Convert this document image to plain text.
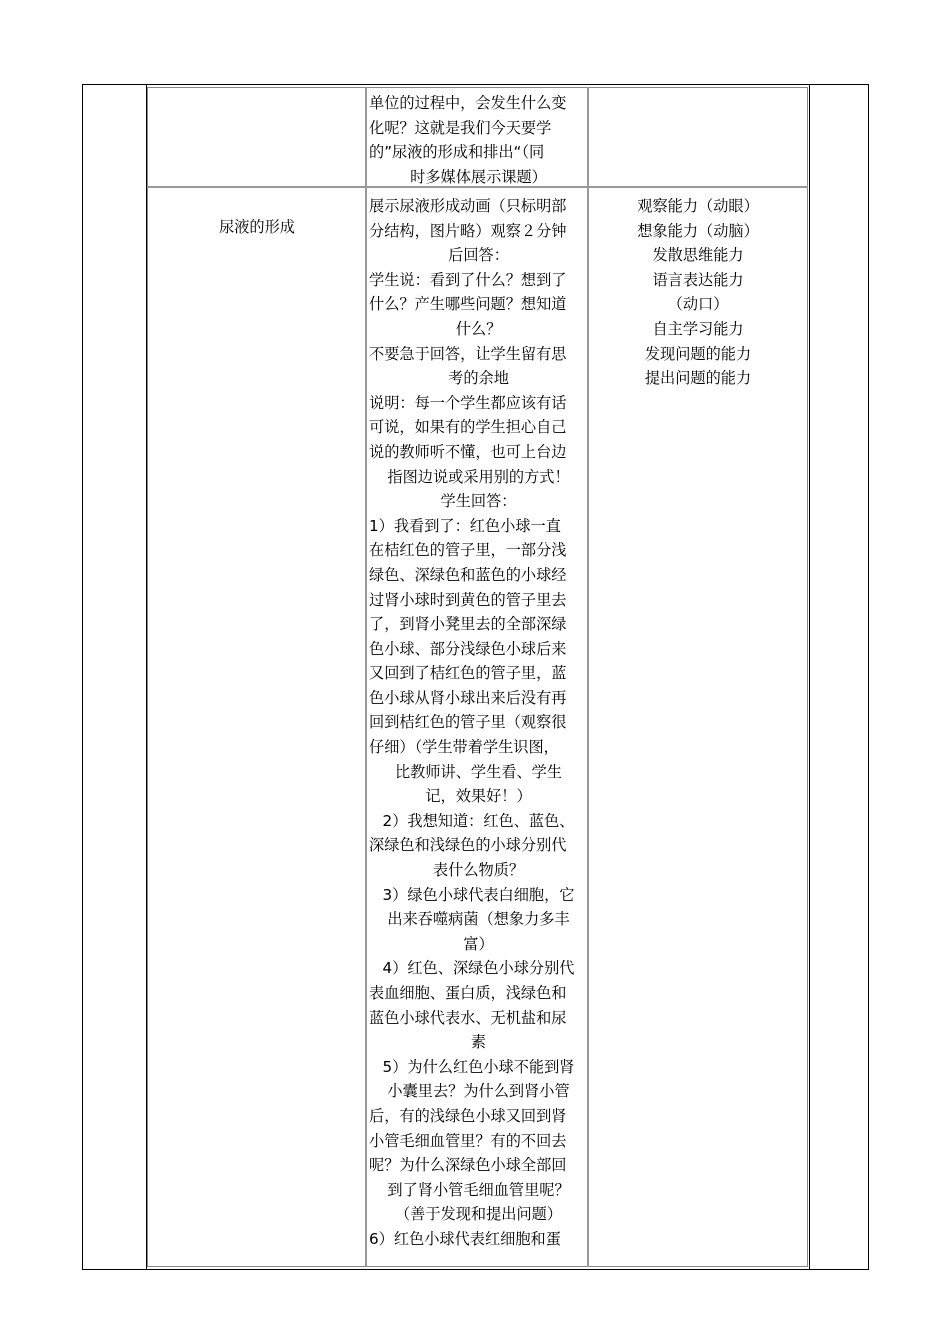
单位的过程中，会发生什么变
化呢？这就是我们今天要学
的”尿液的形成和排出“（同
时多媒体展示课题）
尿液的形成
展示尿液形成动画（只标明部
分结构，图片略）观察２分钟
后回答：
学生说：看到了什么？想到了
什么？产生哪些问题？想知道
什么？
不要急于回答，让学生留有思
考的余地
说明：每一个学生都应该有话
可说，如果有的学生担心自己
说的教师听不懂，也可上台边
指图边说或采用别的方式！
学生回答：
1）我看到了：红色小球一直
在桔红色的管子里，一部分浅
绿色、深绿色和蓝色的小球经
过肾小球时到黄色的管子里去
了，到肾小凳里去的全部深绿
色小球、部分浅绿色小球后来
又回到了桔红色的管子里，蓝
色小球从肾小球出来后没有再
回到桔红色的管子里（观察很
仔细）（学生带着学生识图，
比教师讲、学生看、学生
记，效果好！）
2）我想知道：红色、蓝色、
深绿色和浅绿色的小球分别代
表什么物质？
3）绿色小球代表白细胞，它
出来吞噬病菌（想象力多丰
富）
4）红色、深绿色小球分别代
表血细胞、蛋白质，浅绿色和
蓝色小球代表水、无机盐和尿
素
5）为什么红色小球不能到肾
小囊里去？为什么到肾小管
后，有的浅绿色小球又回到肾
小管毛细血管里？有的不回去
呢？为什么深绿色小球全部回
到了肾小管毛细血管里呢？
（善于发现和提出问题）
6）红色小球代表红细胞和蛋
观察能力（动眼）
想象能力（动脑）
发散思维能力
语言表达能力
（动口）
自主学习能力
发现问题的能力
提出问题的能力
